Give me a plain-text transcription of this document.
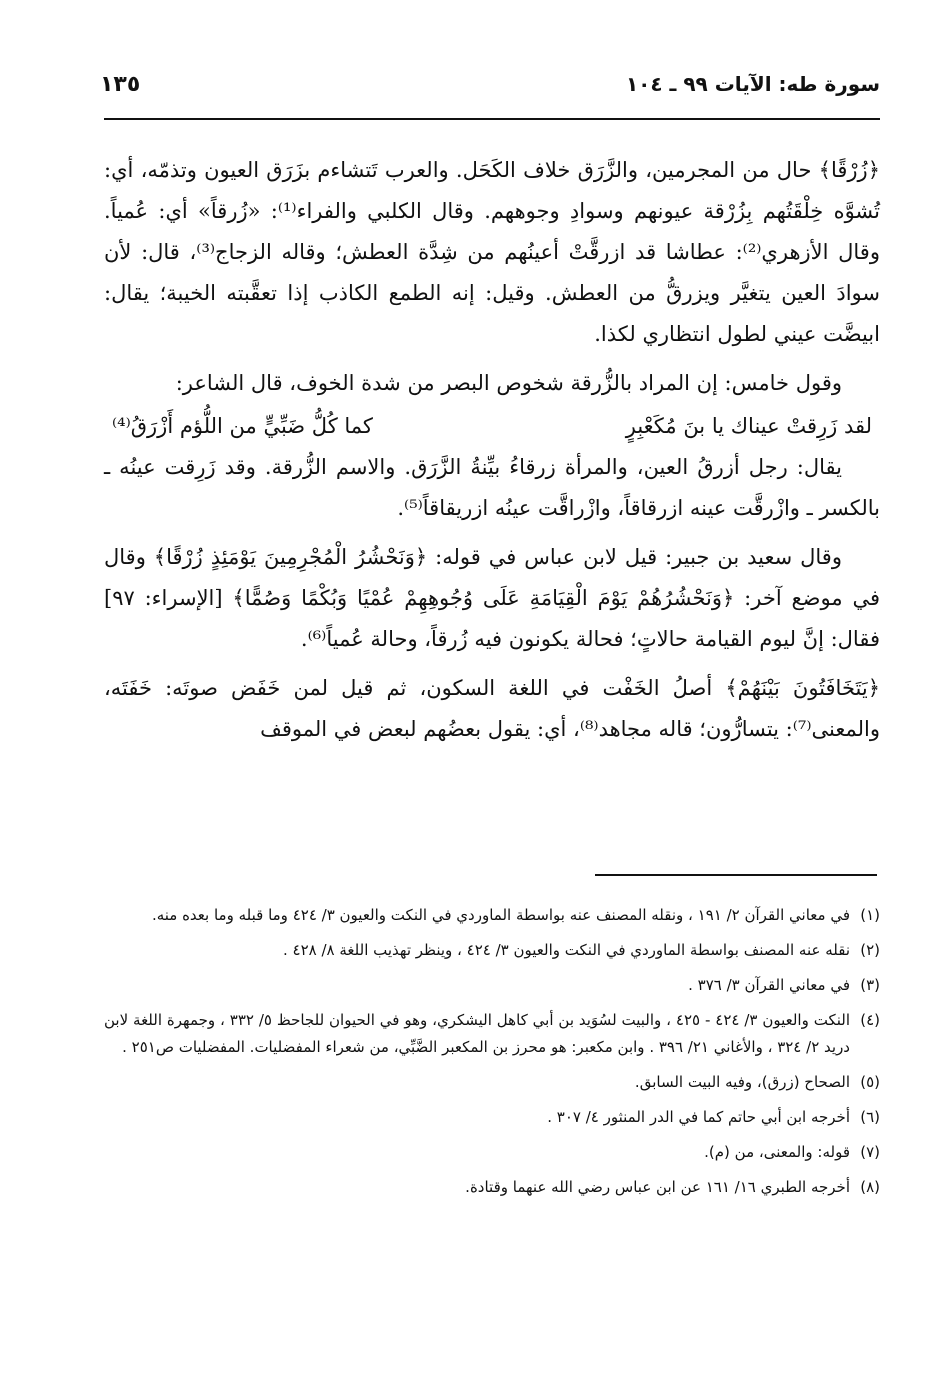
سورة طه: الآيات ٩٩ ـ ١٠٤
١٣٥

﴿زُرْقًا﴾ حال من المجرمين، والزَّرَق خلاف الكَحَل. والعرب تَتشاءم بزَرَق العيون وتذمّه، أي: تُشوَّه خِلْقَتُهم بِزُرْقة عيونهم وسوادِ وجوههم. وقال الكلبي والفراء⁽¹⁾: «زُرقاً» أي: عُمياً. وقال الأزهري⁽²⁾: عطاشا قد ازرقَّتْ أعينُهم من شِدَّة العطش؛ وقاله الزجاج⁽³⁾، قال: لأن سوادَ العين يتغيَّر ويزرقُّ من العطش. وقيل: إنه الطمع الكاذب إذا تعقَّبته الخيبة؛ يقال: ابيضَّت عيني لطول انتظاري لكذا.

وقول خامس: إن المراد بالزُّرقة شخوص البصر من شدة الخوف، قال الشاعر:

لقد زَرِقتْ عيناك يا بنَ مُكَعْبِرٍ
كما كُلُّ ضَبِّيٍّ من اللُّؤم أَزْرَقُ⁽⁴⁾

يقال: رجل أزرقُ العين، والمرأة زرقاءُ بيِّنةُ الزَّرَق. والاسم الزُّرقة. وقد زَرِقت عينُه ـ بالكسر ـ وازْرقَّت عينه ازرقاقاً، وازْراقَّت عينُه ازريقاقاً⁽⁵⁾.

وقال سعيد بن جبير: قيل لابن عباس في قوله: ﴿وَنَحْشُرُ الْمُجْرِمِينَ يَوْمَئِذٍ زُرْقًا﴾ وقال في موضع آخر: ﴿وَنَحْشُرُهُمْ يَوْمَ الْقِيَامَةِ عَلَى وُجُوهِهِمْ عُمْيًا وَبُكْمًا وَصُمًّا﴾ [الإسراء: ٩٧] فقال: إنَّ ليوم القيامة حالاتٍ؛ فحالة يكونون فيه زُرقاً، وحالة عُمياً⁽⁶⁾.

﴿يَتَخَافَتُونَ بَيْنَهُمْ﴾ أصلُ الخَفْت في اللغة السكون، ثم قيل لمن خَفَض صوتَه: خَفَتَه، والمعنى⁽⁷⁾: يتسارُّون؛ قاله مجاهد⁽⁸⁾، أي: يقول بعضُهم لبعض في الموقف

(١)
في معاني القرآن ٢/ ١٩١ ، ونقله المصنف عنه بواسطة الماوردي في النكت والعيون ٣/ ٤٢٤ وما قبله وما بعده منه.
(٢)
نقله عنه المصنف بواسطة الماوردي في النكت والعيون ٣/ ٤٢٤ ، وينظر تهذيب اللغة ٨/ ٤٢٨ .
(٣)
في معاني القرآن ٣/ ٣٧٦ .
(٤)
النكت والعيون ٣/ ٤٢٤ - ٤٢٥ ، والبيت لسُوَيد بن أبي كاهل اليشكري، وهو في الحيوان للجاحظ ٥/ ٣٣٢ ، وجمهرة اللغة لابن دريد ٢/ ٣٢٤ ، والأغاني ٢١/ ٣٩٦ . وابن مكعبر: هو محرز بن المكعبر الضَّبِّي، من شعراء المفضليات. المفضليات ص٢٥١ .
(٥)
الصحاح (زرق)، وفيه البيت السابق.
(٦)
أخرجه ابن أبي حاتم كما في الدر المنثور ٤/ ٣٠٧ .
(٧)
قوله: والمعنى، من (م).
(٨)
أخرجه الطبري ١٦/ ١٦١ عن ابن عباس رضي الله عنهما وقتادة.
